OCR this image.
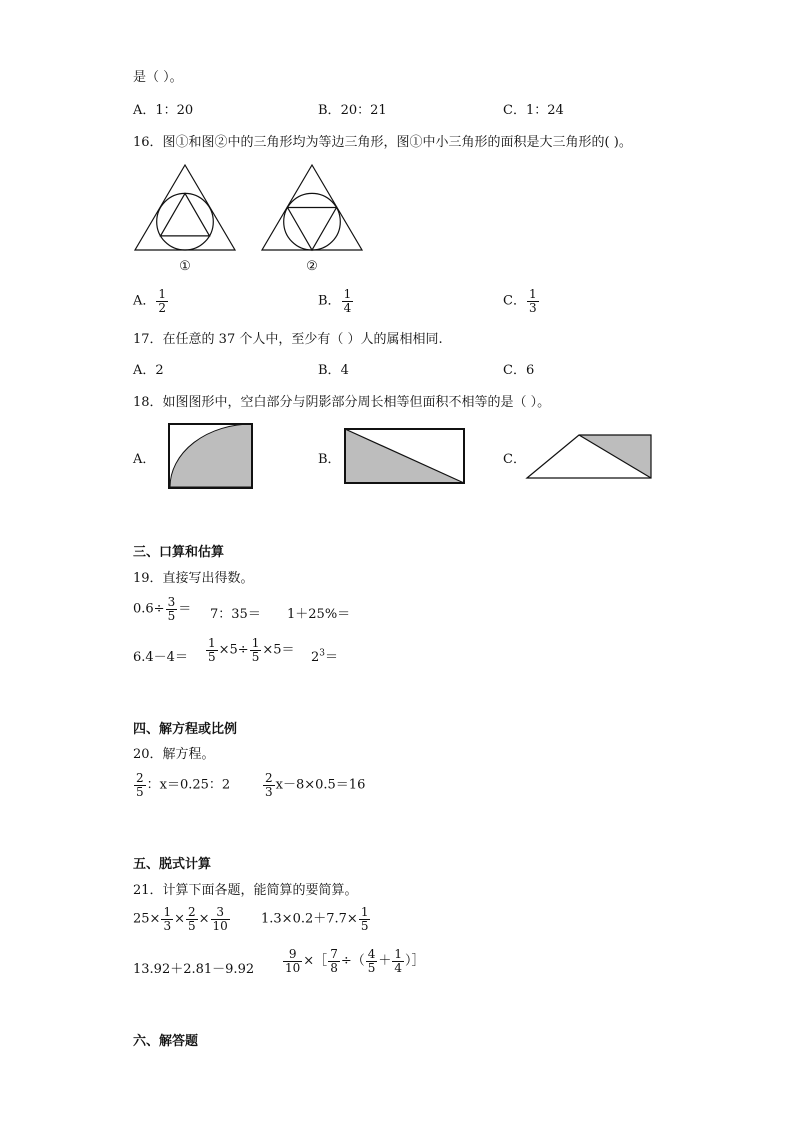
是（ ）。
A．1：20	B．20：21	C．1：24
16．图①和图②中的三角形均为等边三角形，图①中小三角形的面积是大三角形的( )。
①	②
A． $\frac{1}{2}$	B． $\frac{1}{4}$	C． $\frac{1}{3}$
17．在任意的 37 个人中，至少有（ ）人的属相相同.
A．2	B．4	C．6
18．如图图形中，空白部分与阴影部分周长相等但面积不相等的是（ ）。
A．	B．	C．
三、口算和估算
19．直接写出得数。
$0.6\div \frac{3}{5} = 7$：35＝ 1＋25%＝
$6.4-4= \frac{1}{5} \times 5\div \frac{1}{5} \times 5= 2^3=$
四、解方程或比例
20．解方程。
$\frac{2}{5}$ ：x＝0.25：2	$\frac{2}{3} x-8\times 0.5=16$
五、脱式计算
21．计算下面各题，能简算的要简算。
$25\times \frac{1}{3} \times \frac{2}{5} \times \frac{3}{10} 1.3\times 0.2+7.7\times \frac{1}{5}$
$13.92+2.81-9.92 \frac{9}{10}$ ×［ $\frac{7}{8}$ ÷（ $\frac{4}{5} + \frac{1}{4}$ ）］
六、解答题
